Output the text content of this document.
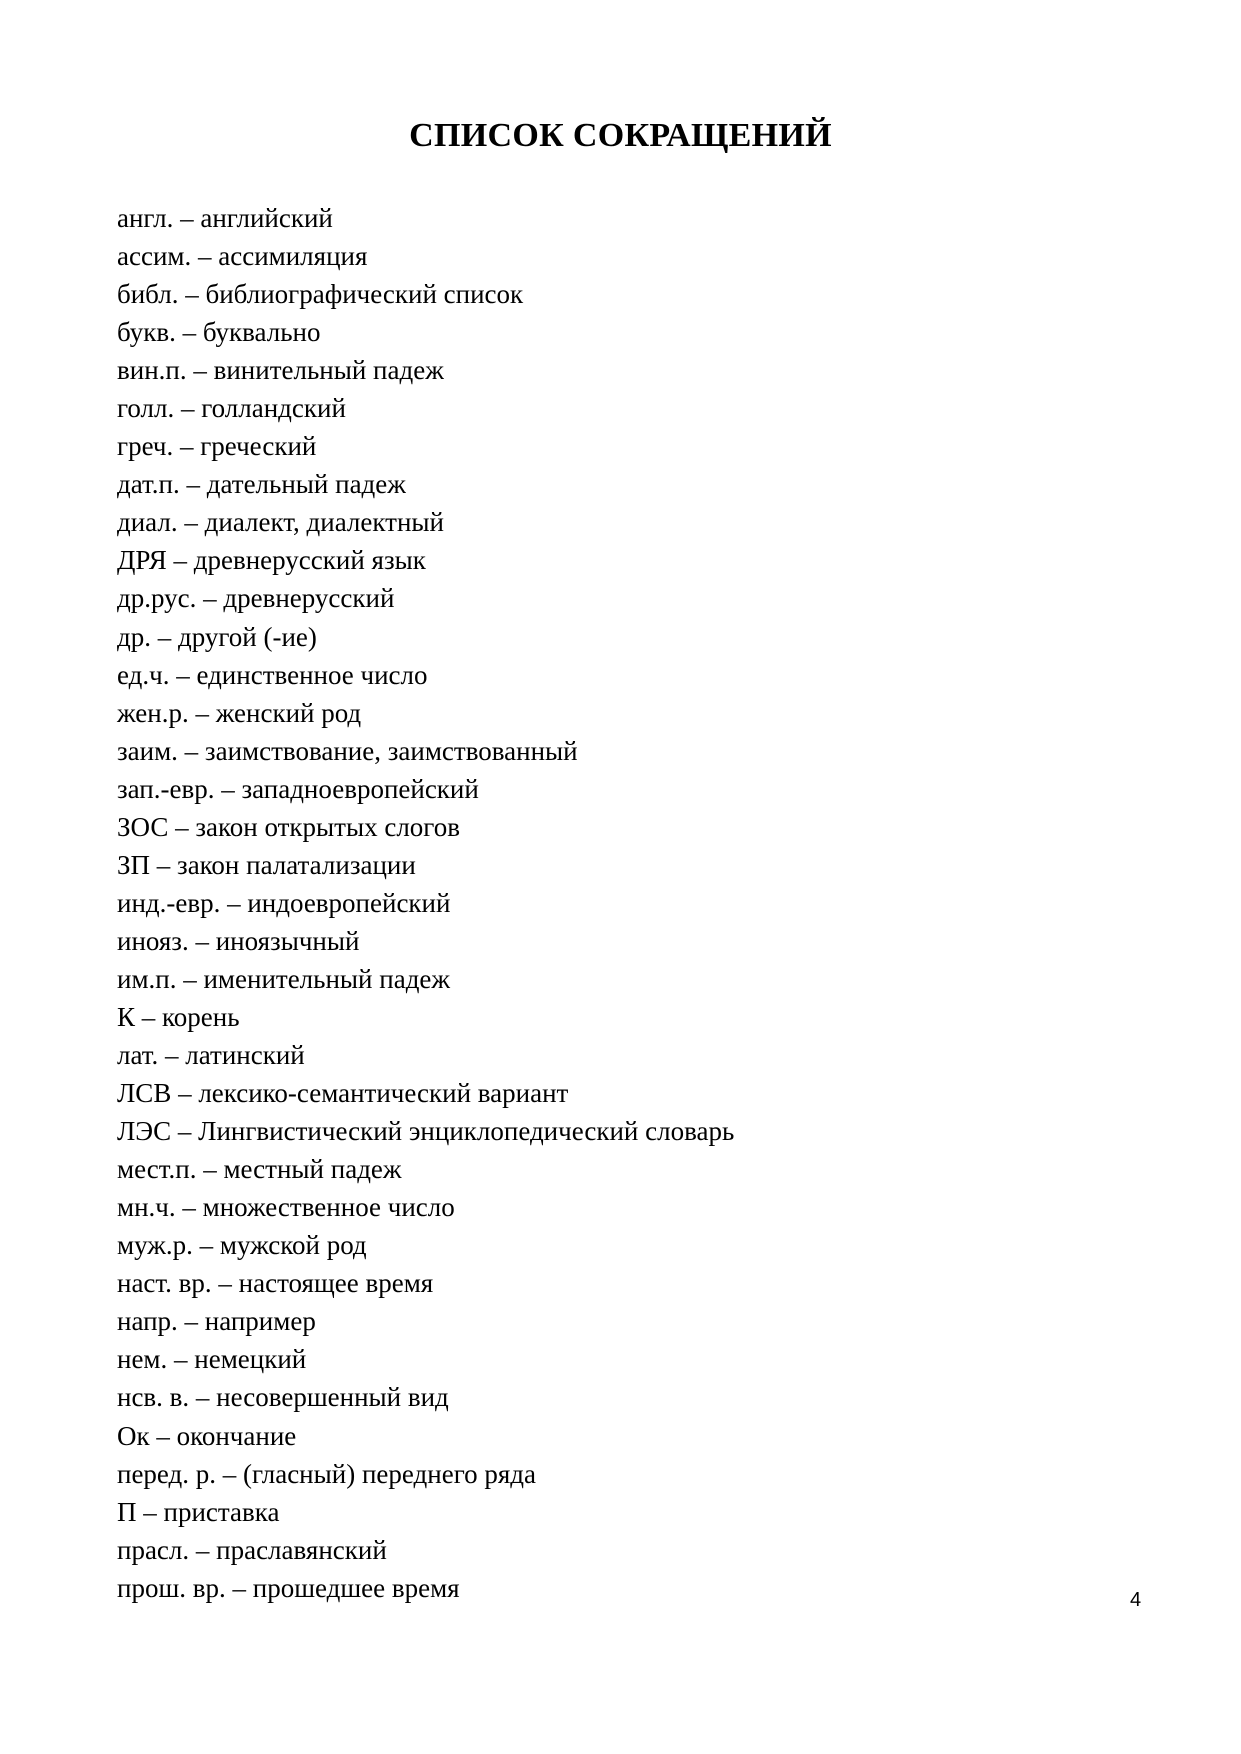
СПИСОК СОКРАЩЕНИЙ
англ. – английский
ассим. – ассимиляция
библ. – библиографический список
букв. – буквально
вин.п. – винительный падеж
голл. – голландский
греч. – греческий
дат.п. – дательный падеж
диал. – диалект, диалектный
ДРЯ – древнерусский язык
др.рус. – древнерусский
др. – другой (-ие)
ед.ч. – единственное число
жен.р. – женский род
заим. – заимствование, заимствованный
зап.-евр. – западноевропейский
ЗОС – закон открытых слогов
ЗП – закон палатализации
инд.-евр. – индоевропейский
инояз. – иноязычный
им.п. – именительный падеж
К – корень
лат. – латинский
ЛСВ – лексико-семантический вариант
ЛЭС – Лингвистический энциклопедический словарь
мест.п. – местный падеж
мн.ч. – множественное число
муж.р. – мужской род
наст. вр. – настоящее время
напр. – например
нем. – немецкий
нсв. в. – несовершенный вид
Ок – окончание
перед. р. – (гласный) переднего ряда
П – приставка
прасл. – праславянский
прош. вр. – прошедшее время	4
